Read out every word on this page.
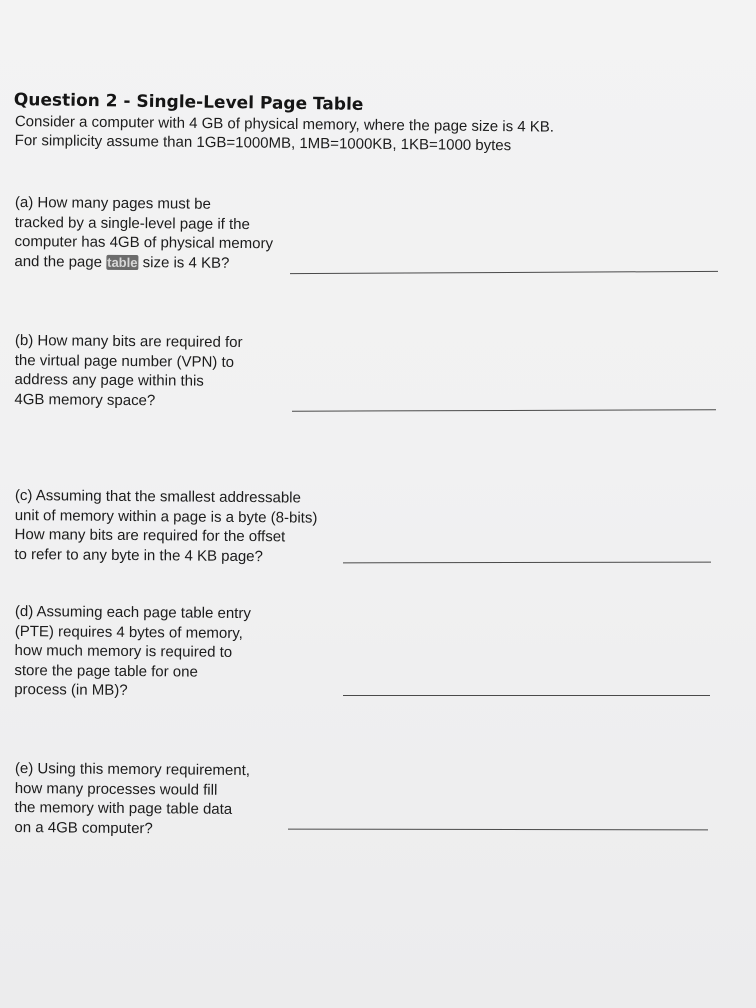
Question 2 - Single-Level Page Table
Consider a computer with 4 GB of physical memory, where the page size is 4 KB.
For simplicity assume than 1GB=1000MB, 1MB=1000KB, 1KB=1000 bytes
(a) How many pages must be
tracked by a single-level page if the
computer has 4GB of physical memory
and the page table size is 4 KB?
(b) How many bits are required for
the virtual page number (VPN) to
address any page within this
4GB memory space?
(c) Assuming that the smallest addressable
unit of memory within a page is a byte (8-bits)
How many bits are required for the offset
to refer to any byte in the 4 KB page?
(d) Assuming each page table entry
(PTE) requires 4 bytes of memory,
how much memory is required to
store the page table for one
process (in MB)?
(e) Using this memory requirement,
how many processes would fill
the memory with page table data
on a 4GB computer?
